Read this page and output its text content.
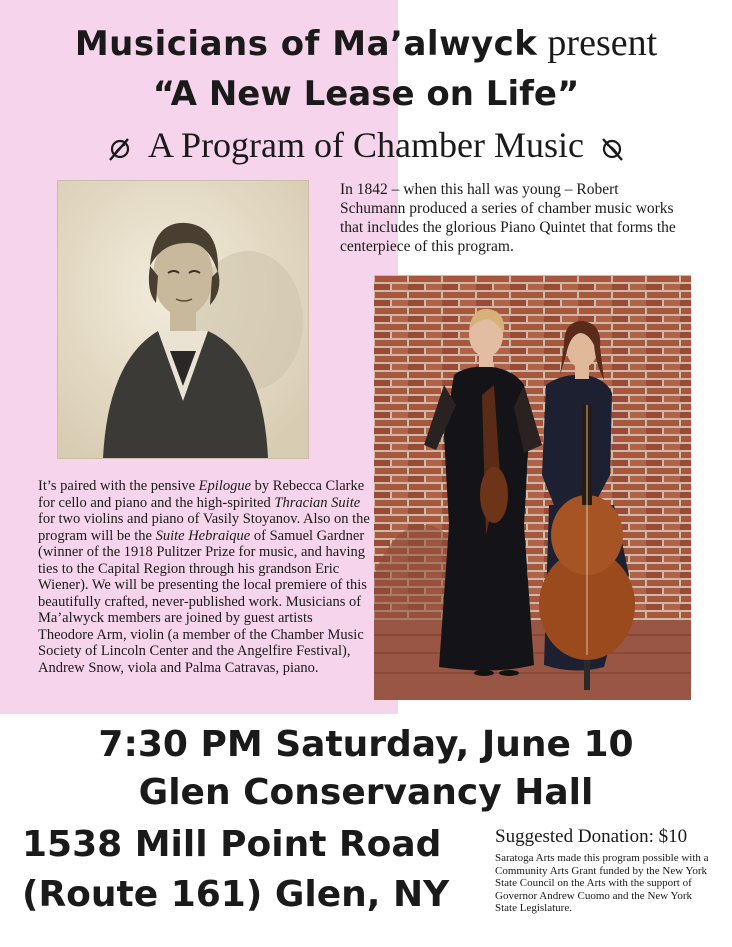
Musicians of Ma’alwyck present
“A New Lease on Life”
A Program of Chamber Music
In 1842 – when this hall was young – Robert Schumann produced a series of chamber music works that includes the glorious Piano Quintet that forms the centerpiece of this program.
It’s paired with the pensive Epilogue by Rebecca Clarke for cello and piano and the high-spirited Thracian Suite for two violins and piano of Vasily Stoyanov. Also on the program will be the Suite Hebraique of Samuel Gardner (winner of the 1918 Pulitzer Prize for music, and having ties to the Capital Region through his grandson Eric Wiener). We will be presenting the local premiere of this beautifully crafted, never-published work. Musicians of Ma’alwyck members are joined by guest artists Theodore Arm, violin (a member of the Chamber Music Society of Lincoln Center and the Angelfire Festival), Andrew Snow, viola and Palma Catravas, piano.
7:30 PM Saturday, June 10
Glen Conservancy Hall
1538 Mill Point Road
(Route 161) Glen, NY
Suggested Donation: $10
Saratoga Arts made this program possible with a Community Arts Grant funded by the New York State Council on the Arts with the support of Governor Andrew Cuomo and the New York State Legislature.
